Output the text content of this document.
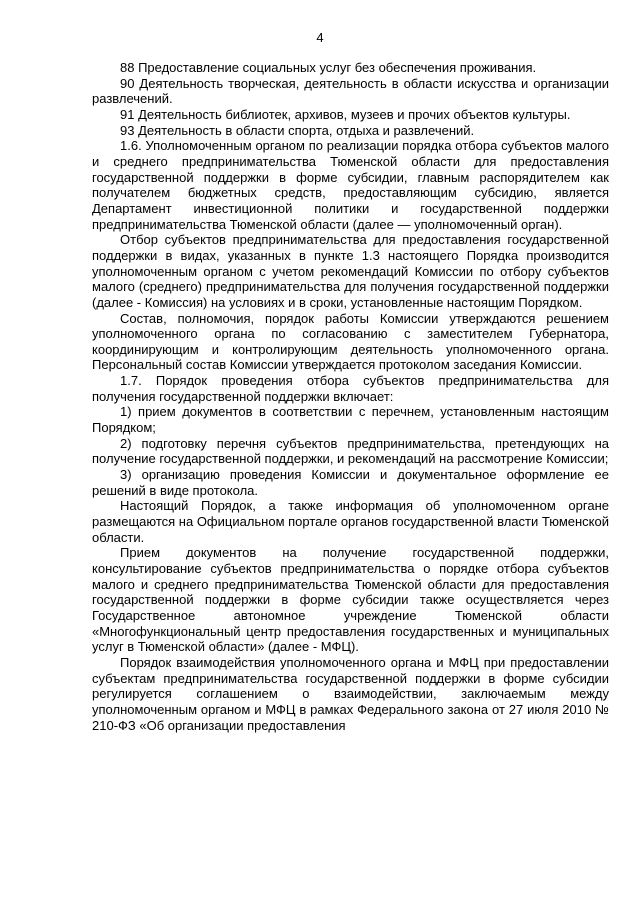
4

88 Предоставление социальных услуг без обеспечения проживания.

90 Деятельность творческая, деятельность в области искусства и организации развлечений.

91 Деятельность библиотек, архивов, музеев и прочих объектов культуры.

93 Деятельность в области спорта, отдыха и развлечений.

1.6. Уполномоченным органом по реализации порядка отбора субъектов малого и среднего предпринимательства Тюменской области для предоставления государственной поддержки в форме субсидии, главным распорядителем как получателем бюджетных средств, предоставляющим субсидию, является Департамент инвестиционной политики и государственной поддержки предпринимательства Тюменской области (далее — уполномоченный орган).

Отбор субъектов предпринимательства для предоставления государственной поддержки в видах, указанных в пункте 1.3 настоящего Порядка производится уполномоченным органом с учетом рекомендаций Комиссии по отбору субъектов малого (среднего) предпринимательства для получения государственной поддержки (далее - Комиссия) на условиях и в сроки, установленные настоящим Порядком.

Состав, полномочия, порядок работы Комиссии утверждаются решением уполномоченного органа по согласованию с заместителем Губернатора, координирующим и контролирующим деятельность уполномоченного органа. Персональный состав Комиссии утверждается протоколом заседания Комиссии.

1.7. Порядок проведения отбора субъектов предпринимательства для получения государственной поддержки включает:

1) прием документов в соответствии с перечнем, установленным настоящим Порядком;

2) подготовку перечня субъектов предпринимательства, претендующих на получение государственной поддержки, и рекомендаций на рассмотрение Комиссии;

3) организацию проведения Комиссии и документальное оформление ее решений в виде протокола.

Настоящий Порядок, а также информация об уполномоченном органе размещаются на Официальном портале органов государственной власти Тюменской области.

Прием документов на получение государственной поддержки, консультирование субъектов предпринимательства о порядке отбора субъектов малого и среднего предпринимательства Тюменской области для предоставления государственной поддержки в форме субсидии также осуществляется через Государственное автономное учреждение Тюменской области «Многофункциональный центр предоставления государственных и муниципальных услуг в Тюменской области» (далее - МФЦ).

Порядок взаимодействия уполномоченного органа и МФЦ при предоставлении субъектам предпринимательства государственной поддержки в форме субсидии регулируется соглашением о взаимодействии, заключаемым между уполномоченным органом и МФЦ в рамках Федерального закона от 27 июля 2010 № 210-ФЗ «Об организации предоставления
